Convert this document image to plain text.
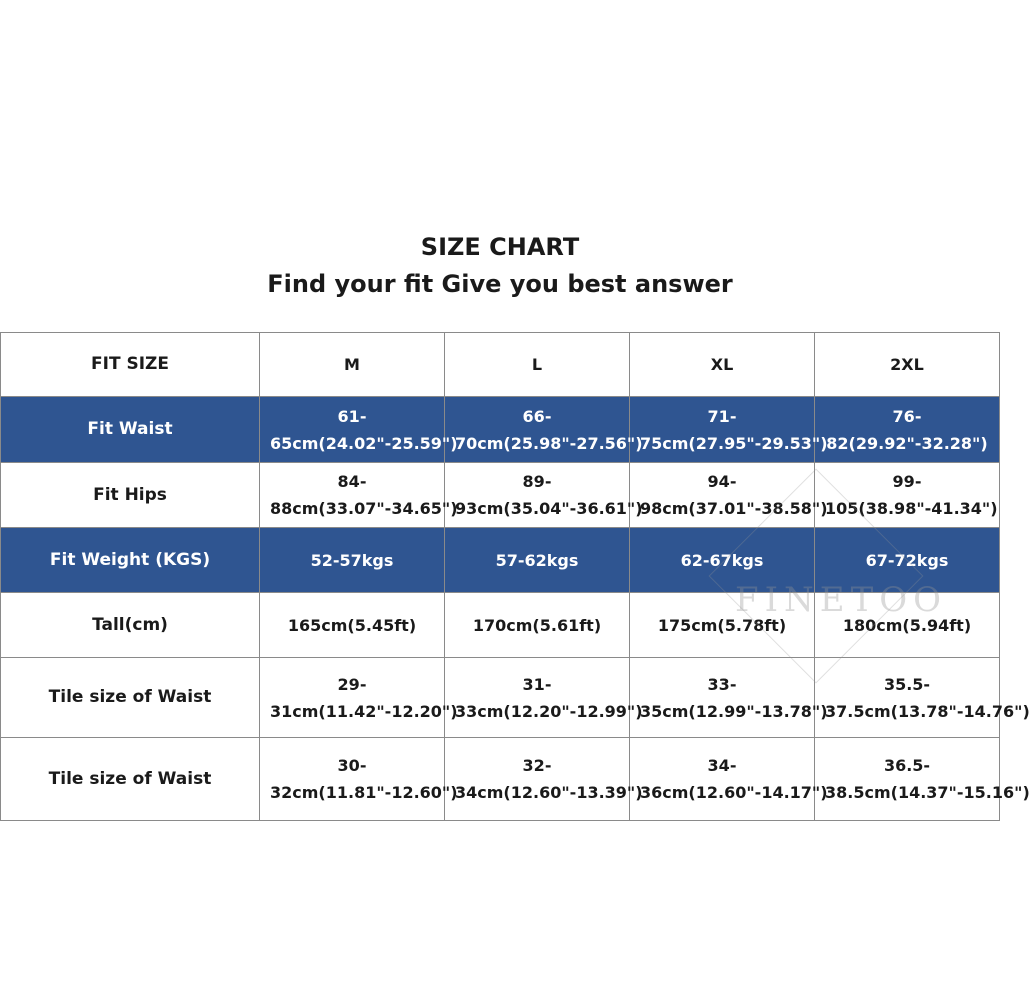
SIZE CHART
Find your fit Give you best answer
FIT SIZE	M	L	XL	2XL
Fit Waist	61-65cm(24.02"-25.59")	66-70cm(25.98"-27.56")	71-75cm(27.95"-29.53")	76-82(29.92"-32.28")
Fit Hips	84-88cm(33.07"-34.65")	89-93cm(35.04"-36.61")	94-98cm(37.01"-38.58")	99-105(38.98"-41.34")
Fit Weight (KGS)	52-57kgs	57-62kgs	62-67kgs	67-72kgs
Tall(cm)	165cm(5.45ft)	170cm(5.61ft)	175cm(5.78ft)	180cm(5.94ft)
Tile size of Waist	29-31cm(11.42"-12.20")	31-33cm(12.20"-12.99")	33-35cm(12.99"-13.78")	35.5-37.5cm(13.78"-14.76")
Tile size of Waist	30-32cm(11.81"-12.60")	32-34cm(12.60"-13.39")	34-36cm(12.60"-14.17")	36.5-38.5cm(14.37"-15.16")
FINETOO
